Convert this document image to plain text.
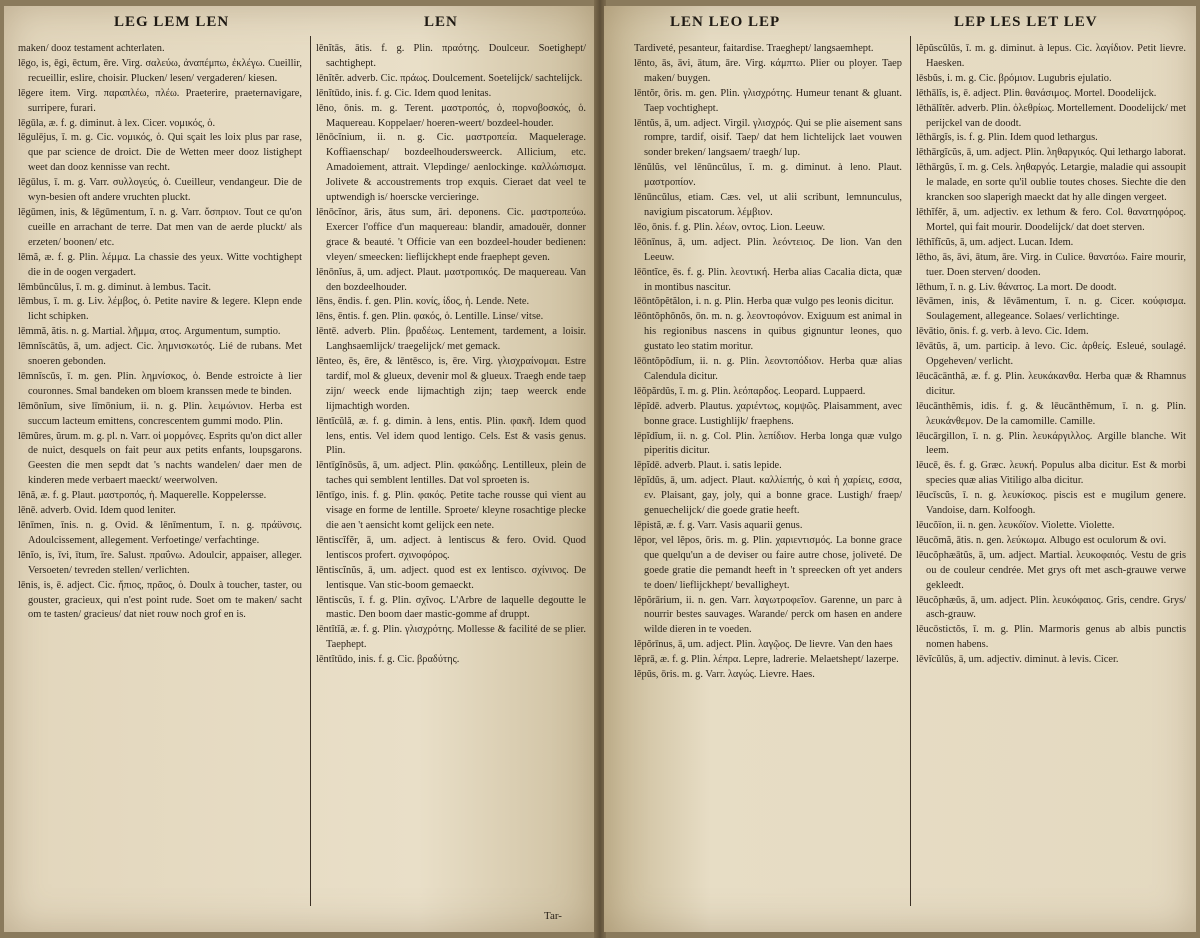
LEG LEM LEN	LEN

maken/ dooz testament achterlaten.

lēgo, is, ēgi, ēctum, ēre. Virg. σαλεύω, ἀναπέμπω, ἐκλέγω. Cueillir, recueillir, eslire, choisir. Plucken/ lesen/ vergaderen/ kiesen.

lēgere item. Virg. παραπλέω, πλέω. Praeterire, praeternavigare, surripere, furari.

lēgūla, æ. f. g. diminut. à lex. Cicer. νομικός, ὁ.

lēgulējus, ī. m. g. Cic. νομικός, ὁ. Qui sçait les loix plus par rase, que par science de droict. Die de Wetten meer dooz listighept weet dan dooz kennisse van recht.

lēgūlus, ī. m. g. Varr. συλλογεύς, ὁ. Cueilleur, vendangeur. Die de wyn-besien oft andere vruchten pluckt.

lēgūmen, inis, & lēgūmentum, ī. n. g. Varr. ὄσπριον. Tout ce qu'on cueille en arrachant de terre. Dat men van de aerde pluckt/ als erzeten/ boonen/ etc.

lēmă, æ. f. g. Plin. λέμμα. La chassie des yeux. Witte vochtighept die in de oogen vergadert.

lēmbūncŭlus, ī. m. g. diminut. à lembus. Tacit.

lēmbus, ī. m. g. Liv. λέμβος, ὁ. Petite navire & legere. Klepn ende licht schipken.

lēmmă, ătis. n. g. Martial. λῆμμα, ατος. Argumentum, sumptio.

lēmnĭscātŭs, ā, um. adject. Cic. λημνισκωτός. Lié de rubans. Met snoeren gebonden.

lēmnĭscŭs, ī. m. gen. Plin. λημνίσκος, ὁ. Bende estroicte à lier couronnes. Smal bandeken om bloem kranssen mede te binden.

lēmōnĭum, sive līmōnium, ii. n. g. Plin. λειμώνιον. Herba est succum lacteum emittens, concrescentem gummi modo. Plin.

lēmŭres, ŭrum. m. g. pl. n. Varr. οἱ μορμόνες. Esprits qu'on dict aller de nuict, desquels on fait peur aux petits enfants, loupsgarons. Geesten die men sepdt dat 's nachts wandelen/ daer men de kinderen mede verbaert maeckt/ weerwolven.

lēnă, æ. f. g. Plaut. μαστροπός, ἡ. Maquerelle. Koppelersse.

lēnē. adverb. Ovid. Idem quod leniter.

lēnīmen, īnis. n. g. Ovid. & lēnīmentum, ī. n. g. πράϋνσις. Adoulcissement, allegement. Verfoetinge/ verfachtinge.

lēnĭo, is, īvi, ītum, īre. Salust. πραΰνω. Adoulcir, appaiser, alleger. Versoeten/ tevreden stellen/ verlichten.

lēnis, is, ē. adject. Cic. ἤπιος, πρᾶος, ὁ. Doulx à toucher, taster, ou gouster, gracieux, qui n'est point rude. Soet om te maken/ sacht om te tasten/ gracieus/ dat niet rouw noch grof en is.

lēnĭtās, ātis. f. g. Plin. πραότης. Doulceur. Soetighept/ sachtighept.

lēnĭtĕr. adverb. Cic. πράως. Doulcement. Soetelijck/ sachtelijck.

lēnĭtūdo, inis. f. g. Cic. Idem quod lenitas.

lēno, ōnis. m. g. Terent. μαστροπός, ὁ, πορνοβοσκός, ὁ. Maquereau. Koppelaer/ hoeren-weert/ bozdeel-houder.

lēnōcĭnium, ii. n. g. Cic. μαστροπεία. Maquelerage. Koffiaenschap/ bozdeelhoudersweerck. Allicium, etc. Amadoiement, attrait. Vlepdinge/ aenlockinge. καλλώπισμα. Jolivete & accoustrements trop exquis. Cieraet dat veel te uptwendigh is/ hoerscke vercieringe.

lēnōcĭnor, āris, ātus sum, āri. deponens. Cic. μαστροπεύω. Exercer l'office d'un maquereau: blandir, amadouër, donner grace & beauté. 't Officie van een bozdeel-houder bedienen: vleyen/ smeecken: lieflijckhept ende fraephept geven.

lēnōnĭus, ā, um. adject. Plaut. μαστροπικός. De maquereau. Van den bozdeelhouder.

lēns, ēndis. f. gen. Plin. κονίς, ίδος, ἡ. Lende. Nete.

lēns, ēntis. f. gen. Plin. φακός, ὁ. Lentille. Linse/ vitse.

lēntē. adverb. Plin. βραδέως. Lentement, tardement, a loisir. Langhsaemlijck/ traegelijck/ met gemack.

lēnteo, ēs, ēre, & lēntēsco, is, ēre. Virg. γλισχραίνομαι. Estre tardif, mol & glueux, devenir mol & glueux. Traegh ende taep zijn/ weeck ende lijmachtigh zijn; taep weerck ende lijmachtigh worden.

lēntĭcŭlă, æ. f. g. dimin. à lens, entis. Plin. φακῆ. Idem quod lens, entis. Vel idem quod lentigo. Cels. Est & vasis genus. Plin.

lēntīgĭnōsŭs, ā, um. adject. Plin. φακώδης. Lentilleux, plein de taches qui semblent lentilles. Dat vol sproeten is.

lēntīgo, inis. f. g. Plin. φακός. Petite tache rousse qui vient au visage en forme de lentille. Sproete/ kleyne rosachtige plecke die aen 't aensicht komt gelijck een nete.

lēntiscĭfĕr, ā, um. adject. à lentiscus & fero. Ovid. Quod lentiscos profert. σχινοφόρος.

lēntiscĭnŭs, ā, um. adject. quod est ex lentisco. σχίνινος. De lentisque. Van stic-boom gemaeckt.

lēntiscŭs, ī. f. g. Plin. σχῖνος. L'Arbre de laquelle degoutte le mastic. Den boom daer mastic-gomme af druppt.

lēntĭtĭă, æ. f. g. Plin. γλισχρότης. Mollesse & facilité de se plier. Taephept.

lēntĭtūdo, inis. f. g. Cic. βραδύτης.

Tar-
LEN LEO LEP	LEP LES LET LEV

Tardiveté, pesanteur, faitardise. Traeghept/ langsaemhept.

lēnto, ās, āvi, ātum, āre. Virg. κάμπτω. Plier ou ployer. Taep maken/ buygen.

lēntŏr, ōris. m. gen. Plin. γλισχρότης. Humeur tenant & gluant. Taep vochtighept.

lēntŭs, ā, um. adject. Virgil. γλισχρός. Qui se plie aisement sans rompre, tardif, oisif. Taep/ dat hem lichtelijck laet vouwen sonder breken/ langsaem/ traegh/ lup.

lēnŭlŭs, vel lēnūncŭlus, ī. m. g. diminut. à leno. Plaut. μαστροπίον.

lēnūncŭlus, etiam. Cæs. vel, ut alii scribunt, lemnunculus, navigium piscatorum. λέμβιον.

lēo, ōnis. f. g. Plin. λέων, οντος. Lion. Leeuw.

lēōnīnus, ā, um. adject. Plin. λεόντειος. De lion. Van den Leeuw.

lēōntĭce, ēs. f. g. Plin. λεοντική. Herba alias Cacalia dicta, quæ in montibus nascitur.

lēōntŏpĕtălon, i. n. g. Plin. Herba quæ vulgo pes leonis dicitur.

lēōntŏphŏnŏs, ōn. m. n. g. λεοντοφόνον. Exiguum est animal in his regionibus nascens in quibus gignuntur leones, quo gustato leo statim moritur.

lēōntŏpŏdĭum, ii. n. g. Plin. λεοντοπόδιον. Herba quæ alias Calendula dicitur.

lēŏpărdŭs, ī. m. g. Plin. λεόπαρδος. Leopard. Luppaerd.

lēpĭdē. adverb. Plautus. χαριέντως, κομψῶς. Plaisamment, avec bonne grace. Lustighlijk/ fraephens.

lēpĭdĭum, ii. n. g. Col. Plin. λεπίδιον. Herba longa quæ vulgo piperitis dicitur.

lēpĭdē. adverb. Plaut. i. satis lepide.

lēpĭdŭs, ā, um. adject. Plaut. καλλίεπής, ὁ καὶ ἡ χαρίεις, εσσα, εν. Plaisant, gay, joly, qui a bonne grace. Lustigh/ fraep/ genuechelijck/ die goede gratie heeft.

lēpistă, æ. f. g. Varr. Vasis aquarii genus.

lēpor, vel lĕpos, ōris. m. g. Plin. χαριεντισμός. La bonne grace que quelqu'un a de deviser ou faire autre chose, joliveté. De goede gratie die pemandt heeft in 't spreecken oft yet anders te doen/ lieflijckhept/ bevalligheyt.

lĕpŏrārium, ii. n. gen. Varr. λαγωτροφεῖον. Garenne, un parc à nourrir bestes sauvages. Warande/ perck om hasen en andere wilde dieren in te voeden.

lĕpŏrīnus, ā, um. adject. Plin. λαγῷος. De lievre. Van den haes

lĕprā, æ. f. g. Plin. λέπρα. Lepre, ladrerie. Melaetshept/ lazerpe.

lĕpŭs, ōris. m. g. Varr. λαγώς. Lievre. Haes.

lĕpŭscŭlŭs, ī. m. g. diminut. à lepus. Cic. λαγίδιον. Petit lievre. Haesken.

lēsbŭs, i. m. g. Cic. βρόμιον. Lugubris ejulatio.

lēthālĭs, is, ē. adject. Plin. θανάσιμος. Mortel. Doodelijck.

lēthālĭtĕr. adverb. Plin. ὀλεθρίως. Mortellement. Doodelijck/ met perijckel van de doodt.

lēthārgĭs, is. f. g. Plin. Idem quod lethargus.

lēthārgĭcŭs, ā, um. adject. Plin. ληθαργικός. Qui lethargo laborat.

lēthārgŭs, ī. m. g. Cels. ληθαργός. Letargie, maladie qui assoupit le malade, en sorte qu'il oublie toutes choses. Siechte die den krancken soo slaperigh maeckt dat hy alle dingen vergeet.

lēthĭfĕr, ā, um. adjectiv. ex lethum & fero. Col. θανατηφόρος. Mortel, qui fait mourir. Doodelijck/ dat doet sterven.

lēthĭfĭcŭs, ā, um. adject. Lucan. Idem.

lētho, ās, āvi, ātum, āre. Virg. in Culice. θανατόω. Faire mourir, tuer. Doen sterven/ dooden.

lēthum, ī. n. g. Liv. θάνατος. La mort. De doodt.

lēvāmen, inis, & lēvāmentum, ī. n. g. Cicer. κούφισμα. Soulagement, allegeance. Solaes/ verlichtinge.

lēvātio, ōnis. f. g. verb. à levo. Cic. Idem.

lēvātŭs, ā, um. particip. à levo. Cic. ἀρθείς. Esleué, soulagé. Opgeheven/ verlicht.

lēucācānthă, æ. f. g. Plin. λευκάκανθα. Herba quæ & Rhamnus dicitur.

lēucānthĕmis, idis. f. g. & lēucānthĕmum, ī. n. g. Plin. λευκάνθεμον. De la camomille. Camille.

lēucārgillon, ī. n. g. Plin. λευκάργιλλος. Argille blanche. Wit leem.

lēucē, ēs. f. g. Græc. λευκή. Populus alba dicitur. Est & morbi species quæ alias Vitiligo alba dicitur.

lēucīscŭs, ī. n. g. λευκίσκος. piscis est e mugilum genere. Vandoise, darn. Kolfoogh.

lēucŏïon, ii. n. gen. λευκόϊον. Violette. Violette.

lēucōmă, ātis. n. gen. λεύκωμα. Albugo est oculorum & ovi.

lēucŏphæātŭs, ā, um. adject. Martial. λευκοφαιός. Vestu de gris ou de couleur cendrée. Met grys oft met asch-grauwe verwe gekleedt.

lēucŏphæŭs, ā, um. adject. Plin. λευκόφαιος. Gris, cendre. Grys/ asch-grauw.

lēucōstictŏs, ī. m. g. Plin. Marmoris genus ab albis punctis nomen habens.

lēvĭcŭlŭs, ā, um. adjectiv. diminut. à levis. Cicer.
